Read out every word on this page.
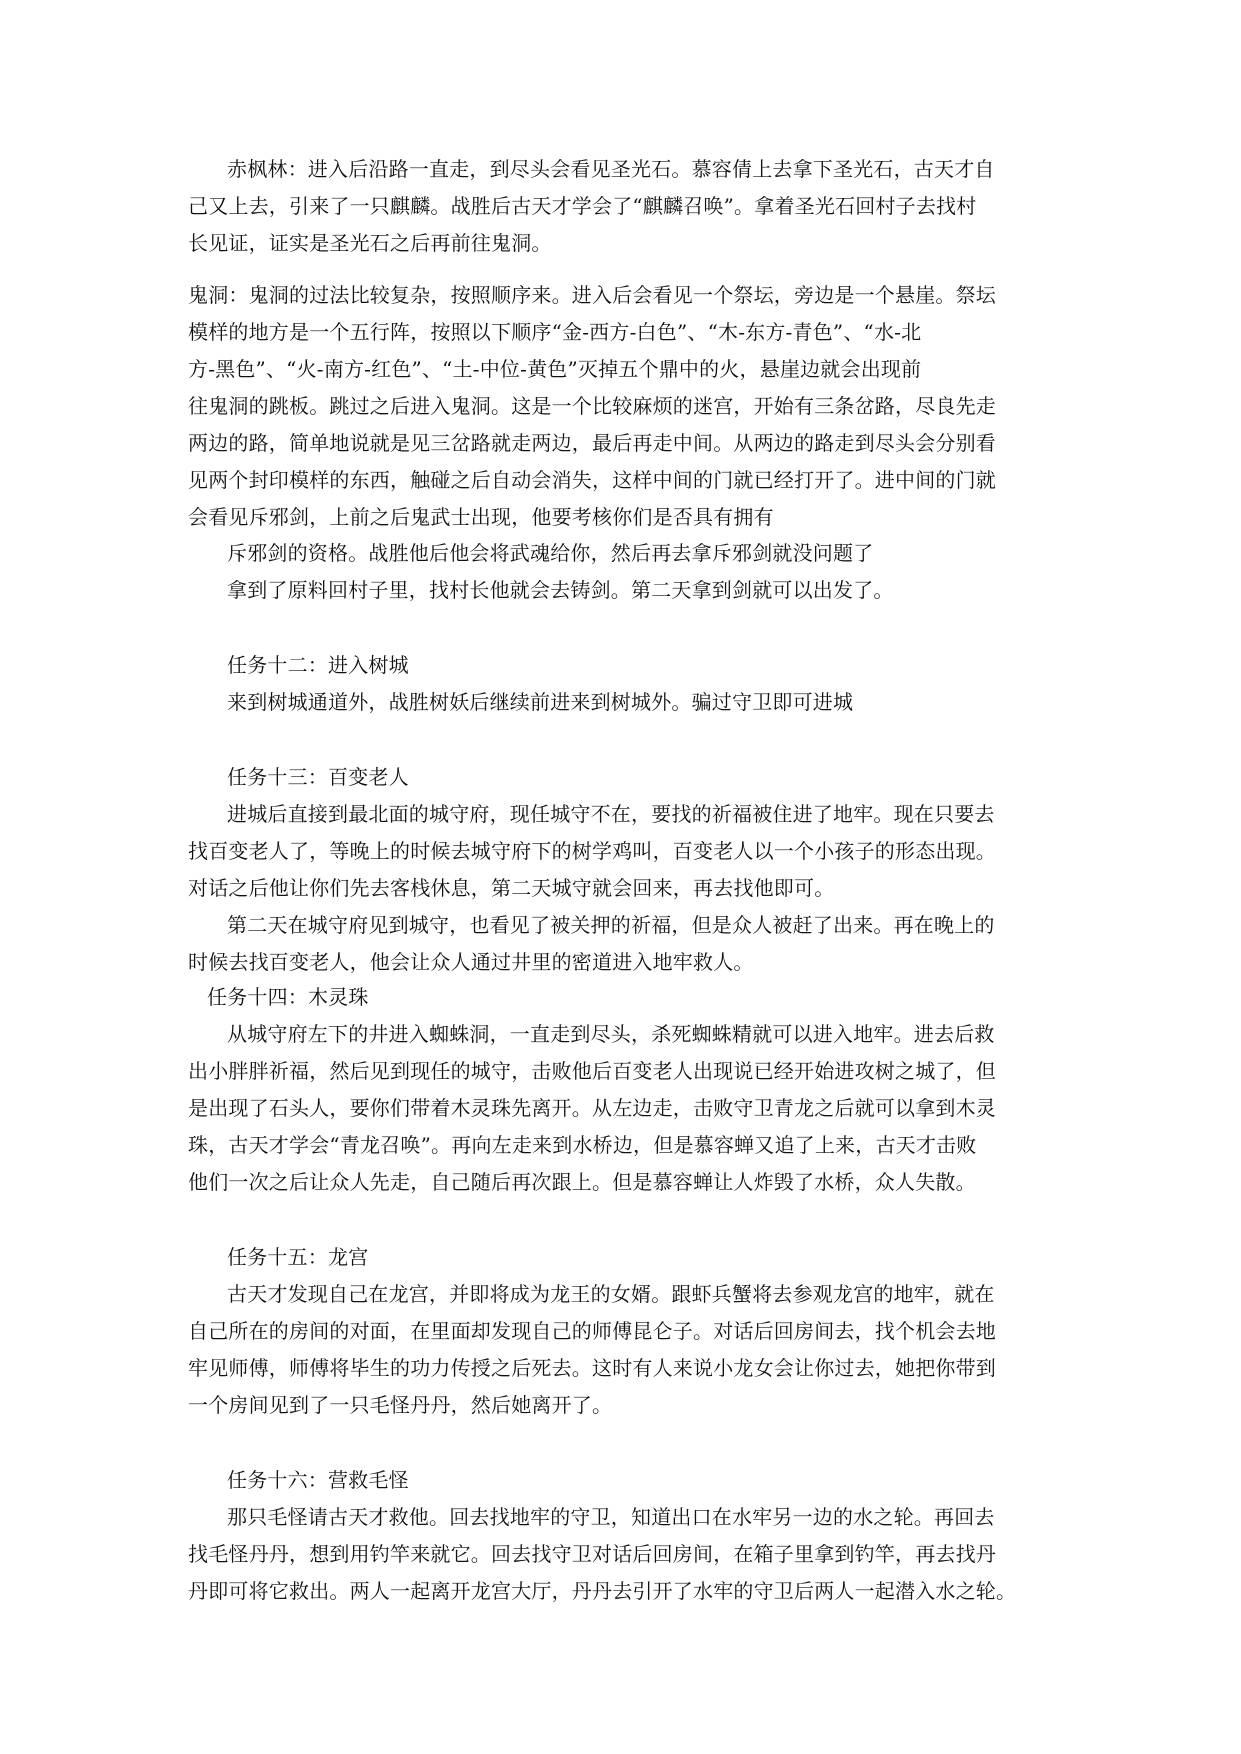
赤枫林：进入后沿路一直走，到尽头会看见圣光石。慕容倩上去拿下圣光石，古天才自
己又上去，引来了一只麒麟。战胜后古天才学会了“麒麟召唤”。拿着圣光石回村子去找村
长见证，证实是圣光石之后再前往鬼洞。
鬼洞：鬼洞的过法比较复杂，按照顺序来。进入后会看见一个祭坛，旁边是一个悬崖。祭坛
模样的地方是一个五行阵，按照以下顺序“金-西方-白色”、“木-东方-青色”、“水-北
方-黑色”、“火-南方-红色”、“土-中位-黄色”灭掉五个鼎中的火，悬崖边就会出现前
往鬼洞的跳板。跳过之后进入鬼洞。这是一个比较麻烦的迷宫，开始有三条岔路，尽良先走
两边的路，简单地说就是见三岔路就走两边，最后再走中间。从两边的路走到尽头会分别看
见两个封印模样的东西，触碰之后自动会消失，这样中间的门就已经打开了。进中间的门就
会看见斥邪剑，上前之后鬼武士出现，他要考核你们是否具有拥有
斥邪剑的资格。战胜他后他会将武魂给你，然后再去拿斥邪剑就没问题了
拿到了原料回村子里，找村长他就会去铸剑。第二天拿到剑就可以出发了。
任务十二：进入树城
来到树城通道外，战胜树妖后继续前进来到树城外。骗过守卫即可进城
任务十三：百变老人
进城后直接到最北面的城守府，现任城守不在，要找的祈福被住进了地牢。现在只要去
找百变老人了，等晚上的时候去城守府下的树学鸡叫，百变老人以一个小孩子的形态出现。
对话之后他让你们先去客栈休息，第二天城守就会回来，再去找他即可。
第二天在城守府见到城守，也看见了被关押的祈福，但是众人被赶了出来。再在晚上的
时候去找百变老人，他会让众人通过井里的密道进入地牢救人。
任务十四：木灵珠
从城守府左下的井进入蜘蛛洞，一直走到尽头，杀死蜘蛛精就可以进入地牢。进去后救
出小胖胖祈福，然后见到现任的城守，击败他后百变老人出现说已经开始进攻树之城了，但
是出现了石头人，要你们带着木灵珠先离开。从左边走，击败守卫青龙之后就可以拿到木灵
珠，古天才学会“青龙召唤”。再向左走来到水桥边，但是慕容蝉又追了上来，古天才击败
他们一次之后让众人先走，自己随后再次跟上。但是慕容蝉让人炸毁了水桥，众人失散。
任务十五：龙宫
古天才发现自己在龙宫，并即将成为龙王的女婿。跟虾兵蟹将去参观龙宫的地牢，就在
自己所在的房间的对面，在里面却发现自己的师傅昆仑子。对话后回房间去，找个机会去地
牢见师傅，师傅将毕生的功力传授之后死去。这时有人来说小龙女会让你过去，她把你带到
一个房间见到了一只毛怪丹丹，然后她离开了。
任务十六：营救毛怪
那只毛怪请古天才救他。回去找地牢的守卫，知道出口在水牢另一边的水之轮。再回去
找毛怪丹丹，想到用钓竿来就它。回去找守卫对话后回房间，在箱子里拿到钓竿，再去找丹
丹即可将它救出。两人一起离开龙宫大厅，丹丹去引开了水牢的守卫后两人一起潜入水之轮。
